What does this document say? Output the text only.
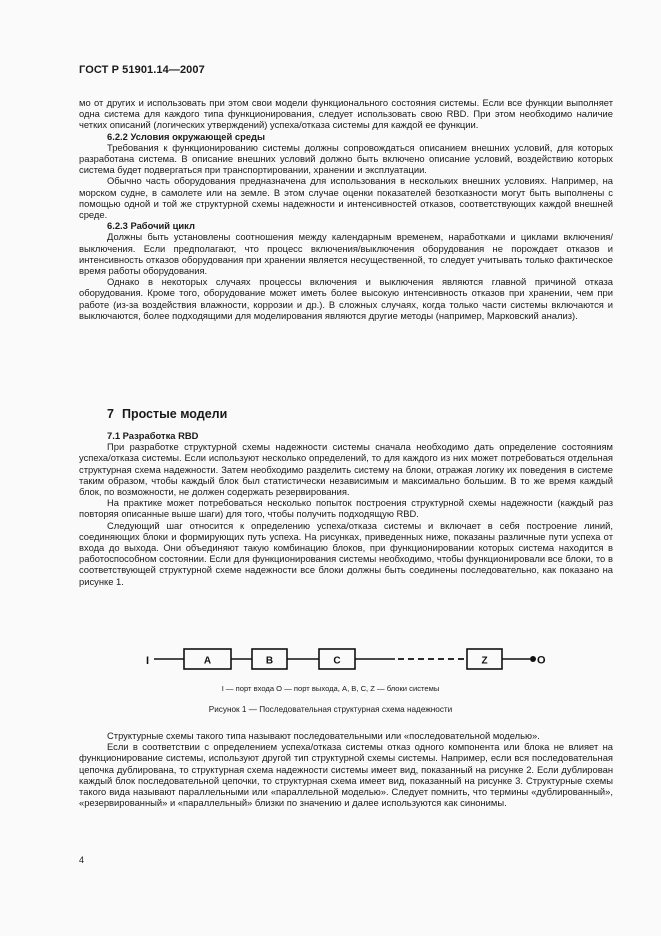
ГОСТ Р 51901.14—2007

мо от других и использовать при этом свои модели функционального состояния системы. Если все функции выполняет одна система для каждого типа функционирования, следует использовать свою RBD. При этом необходимо наличие четких описаний (логических утверждений) успеха/отказа системы для каждой ее функции.

6.2.2 Условия окружающей среды

Требования к функционированию системы должны сопровождаться описанием внешних условий, для которых разработана система. В описание внешних условий должно быть включено описание условий, воздействию которых система будет подвергаться при транспортировании, хранении и эксплуатации.

Обычно часть оборудования предназначена для использования в нескольких внешних условиях. Например, на морском судне, в самолете или на земле. В этом случае оценки показателей безотказности могут быть выполнены с помощью одной и той же структурной схемы надежности и интенсивностей отказов, соответствующих каждой внешней среде.

6.2.3 Рабочий цикл

Должны быть установлены соотношения между календарным временем, наработками и циклами включения/выключения. Если предполагают, что процесс включения/выключения оборудования не порождает отказов и интенсивность отказов оборудования при хранении является несущественной, то следует учитывать только фактическое время работы оборудования.

Однако в некоторых случаях процессы включения и выключения являются главной причиной отказа оборудования. Кроме того, оборудование может иметь более высокую интенсивность отказов при хранении, чем при работе (из-за воздействия влажности, коррозии и др.). В сложных случаях, когда только части системы включаются и выключаются, более подходящими для моделирования являются другие методы (например, Марковский анализ).

7 Простые модели

7.1 Разработка RBD

При разработке структурной схемы надежности системы сначала необходимо дать определение состояниям успеха/отказа системы. Если используют несколько определений, то для каждого из них может потребоваться отдельная структурная схема надежности. Затем необходимо разделить систему на блоки, отражая логику их поведения в системе таким образом, чтобы каждый блок был статистически независимым и максимально большим. В то же время каждый блок, по возможности, не должен содержать резервирования.

На практике может потребоваться несколько попыток построения структурной схемы надежности (каждый раз повторяя описанные выше шаги) для того, чтобы получить подходящую RBD.

Следующий шаг относится к определению успеха/отказа системы и включает в себя построение линий, соединяющих блоки и формирующих путь успеха. На рисунках, приведенных ниже, показаны различные пути успеха от входа до выхода. Они объединяют такую комбинацию блоков, при функционировании которых система находится в работоспособном состоянии. Если для функционирования системы необходимо, чтобы функционировали все блоки, то в соответствующей структурной схеме надежности все блоки должны быть соединены последовательно, как показано на рисунке 1.

I	A	B	C	Z	O
I — порт входа O — порт выхода, A, B, C, Z — блоки системы
Рисунок 1 — Последовательная структурная схема надежности

Структурные схемы такого типа называют последовательными или «последовательной моделью».

Если в соответствии с определением успеха/отказа системы отказ одного компонента или блока не влияет на функционирование системы, используют другой тип структурной схемы системы. Например, если вся последовательная цепочка дублирована, то структурная схема надежности системы имеет вид, показанный на рисунке 2. Если дублирован каждый блок последовательной цепочки, то структурная схема имеет вид, показанный на рисунке 3. Структурные схемы такого вида называют параллельными или «параллельной моделью». Следует помнить, что термины «дублированный», «резервированный» и «параллельный» близки по значению и далее используются как синонимы.

4
